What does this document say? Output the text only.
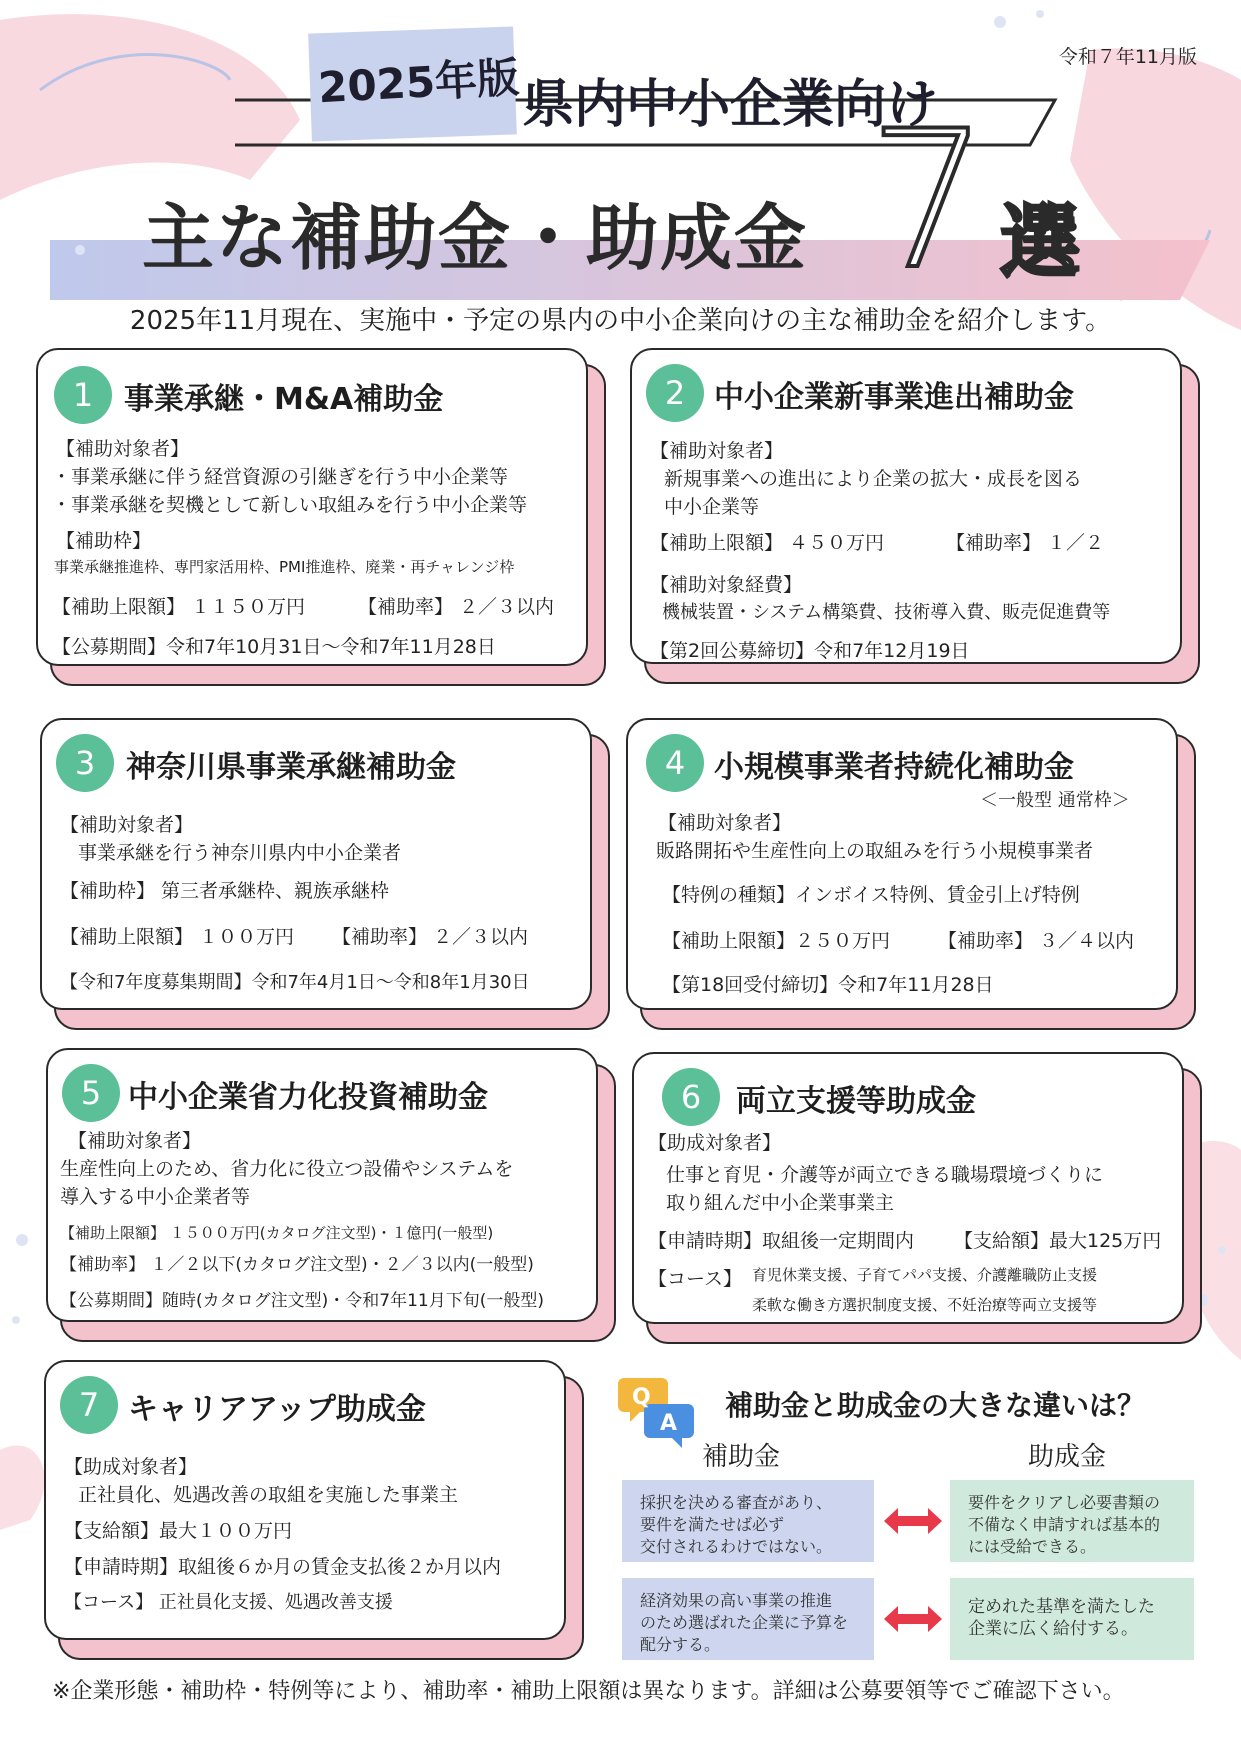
令和７年11月版
2025年版 県内中小企業向け
主な補助金・助成金 7 選
2025年11月現在、実施中・予定の県内の中小企業向けの主な補助金を紹介します。
1	事業承継・M&A補助金
【補助対象者】
・事業承継に伴う経営資源の引継ぎを行う中小企業等
・事業承継を契機として新しい取組みを行う中小企業等
【補助枠】
事業承継推進枠、専門家活用枠、PMI推進枠、廃業・再チャレンジ枠
【補助上限額】 １１５０万円	【補助率】 ２／３以内
【公募期間】令和7年10月31日～令和7年11月28日
2 中小企業新事業進出補助金
【補助対象者】
新規事業への進出により企業の拡大・成長を図る
中小企業等
【補助上限額】 ４５０万円	【補助率】 １／２
【補助対象経費】
機械装置・システム構築費、技術導入費、販売促進費等
【第2回公募締切】令和7年12月19日
3	神奈川県事業承継補助金
【補助対象者】
事業承継を行う神奈川県内中小企業者
【補助枠】 第三者承継枠、親族承継枠
【補助上限額】 １００万円 【補助率】 ２／３以内
【令和7年度募集期間】令和7年4月1日～令和8年1月30日
4 小規模事業者持続化補助金
＜一般型 通常枠＞
【補助対象者】
販路開拓や生産性向上の取組みを行う小規模事業者
【特例の種類】インボイス特例、賃金引上げ特例
【補助上限額】２５０万円	【補助率】 ３／４以内
【第18回受付締切】令和7年11月28日
5 中小企業省力化投資補助金
【補助対象者】
生産性向上のため、省力化に役立つ設備やシステムを
導入する中小企業者等
【補助上限額】 １５００万円(カタログ注文型)・１億円(一般型)
【補助率】 １／２以下(カタログ注文型)・２／３以内(一般型)
【公募期間】随時(カタログ注文型)・令和7年11月下旬(一般型)
6	両立支援等助成金
【助成対象者】
仕事と育児・介護等が両立できる職場環境づくりに
取り組んだ中小企業事業主
【申請時期】取組後一定期間内 【支給額】最大125万円
【コース】 育児休業支援、子育てパパ支援、介護離職防止支援
柔軟な働き方選択制度支援、不妊治療等両立支援等
7 キャリアアップ助成金
【助成対象者】
正社員化、処遇改善の取組を実施した事業主
【支給額】最大１００万円
【申請時期】取組後６か月の賃金支払後２か月以内
【コース】 正社員化支援、処遇改善支援
Q
A
補助金と助成金の大きな違いは？
補助金	助成金
採択を決める審査があり、
要件を満たせば必ず
交付されるわけではない。
要件をクリアし必要書類の
不備なく申請すれば基本的
には受給できる。
経済効果の高い事業の推進
のため選ばれた企業に予算を
配分する。
定めれた基準を満たした
企業に広く給付する。
※企業形態・補助枠・特例等により、補助率・補助上限額は異なります。詳細は公募要領等でご確認下さい。
